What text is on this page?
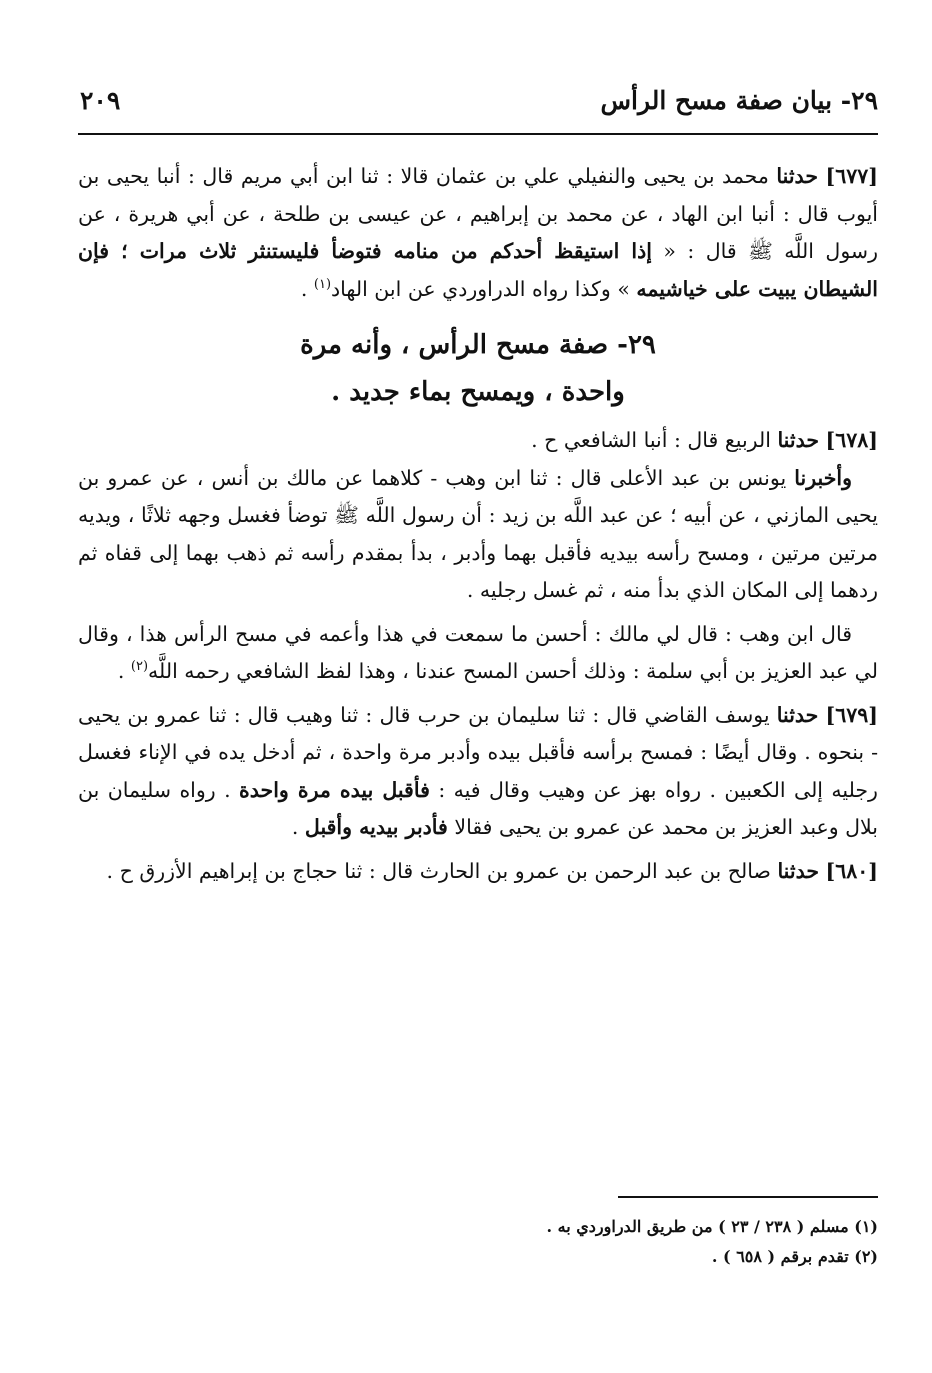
٢٩- بيان صفة مسح الرأس
٢٠٩

[٦٧٧] حدثنا محمد بن يحيى والنفيلي علي بن عثمان قالا : ثنا ابن أبي مريم قال : أنبا يحيى بن أيوب قال : أنبا ابن الهاد ، عن محمد بن إبراهيم ، عن عيسى بن طلحة ، عن أبي هريرة ، عن رسول اللَّه ﷺ قال : « إذا استيقظ أحدكم من منامه فتوضأ فليستنثر ثلاث مرات ؛ فإن الشيطان يبيت على خياشيمه » وكذا رواه الدراوردي عن ابن الهاد$^{(١)}$ .

٢٩- صفة مسح الرأس ، وأنه مرة
واحدة ، ويمسح بماء جديد .

[٦٧٨] حدثنا الربيع قال : أنبا الشافعي ح .

وأخبرنا يونس بن عبد الأعلى قال : ثنا ابن وهب - كلاهما عن مالك بن أنس ، عن عمرو بن يحيى المازني ، عن أبيه ؛ عن عبد اللَّه بن زيد : أن رسول اللَّه ﷺ توضأ فغسل وجهه ثلاثًا ، ويديه مرتين مرتين ، ومسح رأسه بيديه فأقبل بهما وأدبر ، بدأ بمقدم رأسه ثم ذهب بهما إلى قفاه ثم ردهما إلى المكان الذي بدأ منه ، ثم غسل رجليه .

قال ابن وهب : قال لي مالك : أحسن ما سمعت في هذا وأعمه في مسح الرأس هذا ، وقال لي عبد العزيز بن أبي سلمة : وذلك أحسن المسح عندنا ، وهذا لفظ الشافعي رحمه اللَّه$^{(٢)}$ .

[٦٧٩] حدثنا يوسف القاضي قال : ثنا سليمان بن حرب قال : ثنا وهيب قال : ثنا عمرو بن يحيى - بنحوه . وقال أيضًا : فمسح برأسه فأقبل بيده وأدبر مرة واحدة ، ثم أدخل يده في الإناء فغسل رجليه إلى الكعبين . رواه بهز عن وهيب وقال فيه : فأقبل بيده مرة واحدة . رواه سليمان بن بلال وعبد العزيز بن محمد عن عمرو بن يحيى فقالا فأدبر بيديه وأقبل .

[٦٨٠] حدثنا صالح بن عبد الرحمن بن عمرو بن الحارث قال : ثنا حجاج بن إبراهيم الأزرق ح .

(١) مسلم ( ٢٣٨ / ٢٣ ) من طريق الدراوردي به .

(٢) تقدم برقم ( ٦٥٨ ) .
